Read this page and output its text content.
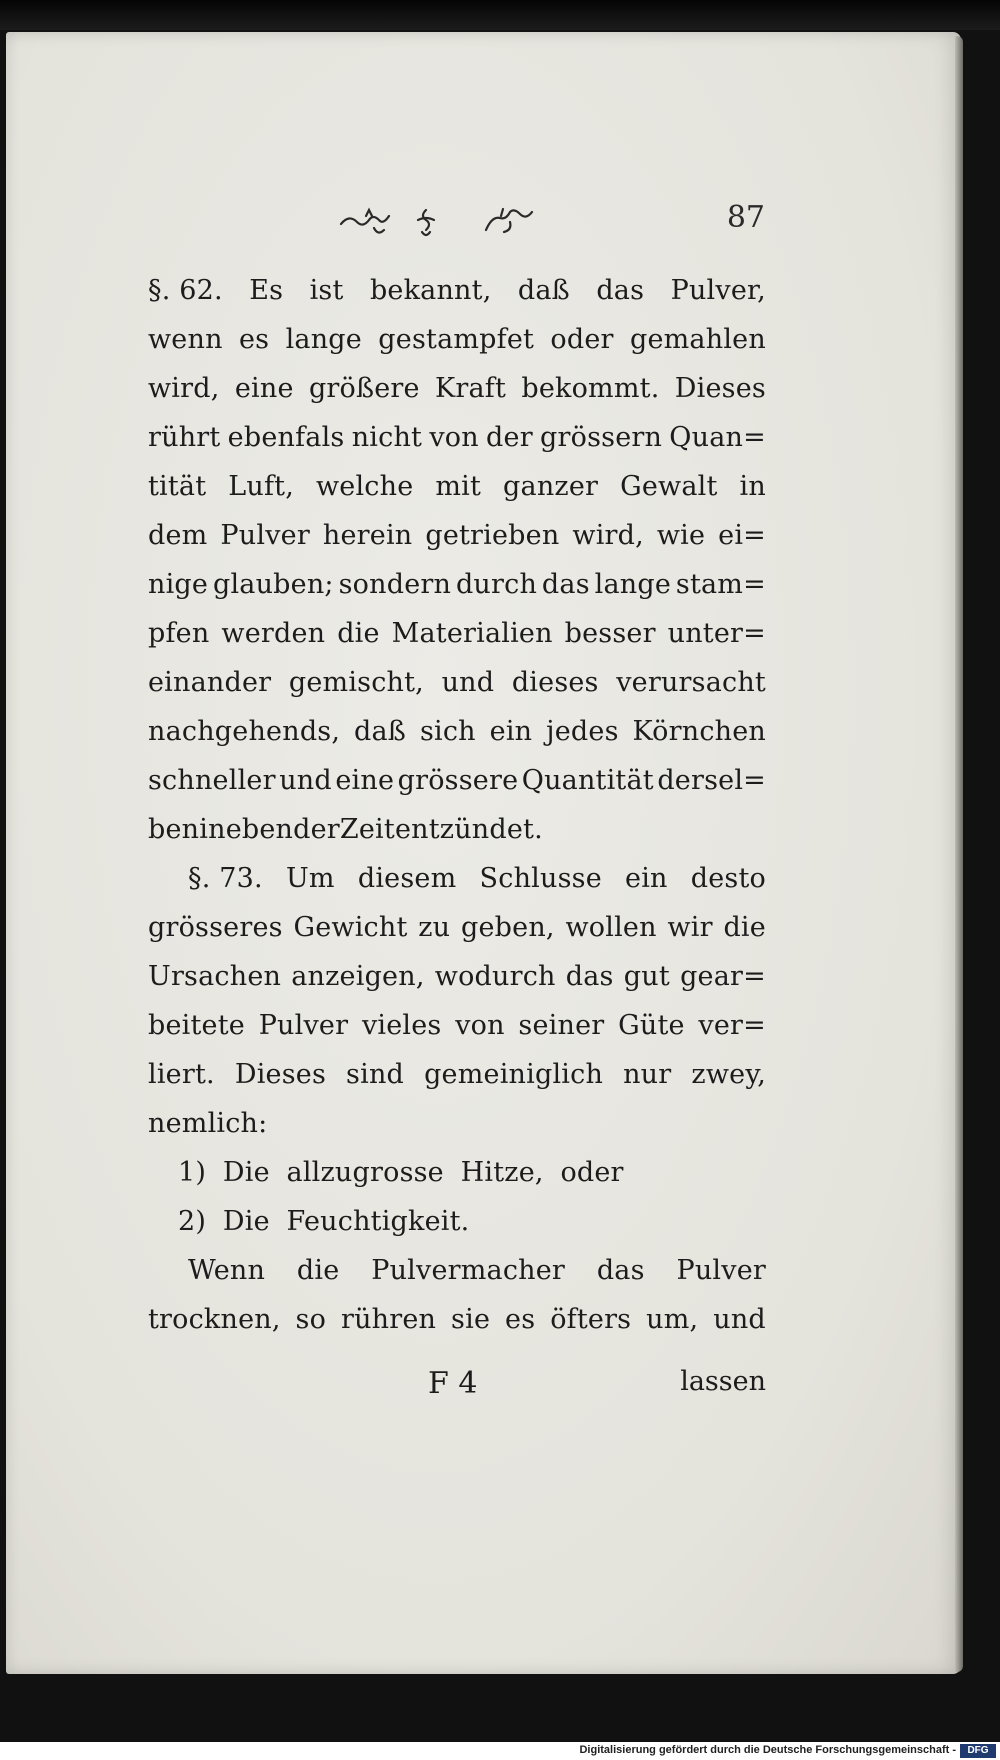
87
§. 62. Es ist bekannt, daß das Pulver,
wenn es lange gestampfet oder gemahlen
wird, eine größere Kraft bekommt. Dieses
rührt ebenfals nicht von der grössern Quan=
tität Luft, welche mit ganzer Gewalt in
dem Pulver herein getrieben wird, wie ei=
nige glauben; sondern durch das lange stam=
pfen werden die Materialien besser unter=
einander gemischt, und dieses verursacht
nachgehends, daß sich ein jedes Körnchen
schneller und eine grössere Quantität dersel=
ben in eben der Zeit entzündet.
§. 73. Um diesem Schlusse ein desto
grösseres Gewicht zu geben, wollen wir die
Ursachen anzeigen, wodurch das gut gear=
beitete Pulver vieles von seiner Güte ver=
liert. Dieses sind gemeiniglich nur zwey,
nemlich:
1) Die allzugrosse Hitze, oder
2) Die Feuchtigkeit.
Wenn die Pulvermacher das Pulver
trocknen, so rühren sie es öfters um, und
F 4	lassen
Digitalisierung gefördert durch die Deutsche Forschungsgemeinschaft -	DFG
